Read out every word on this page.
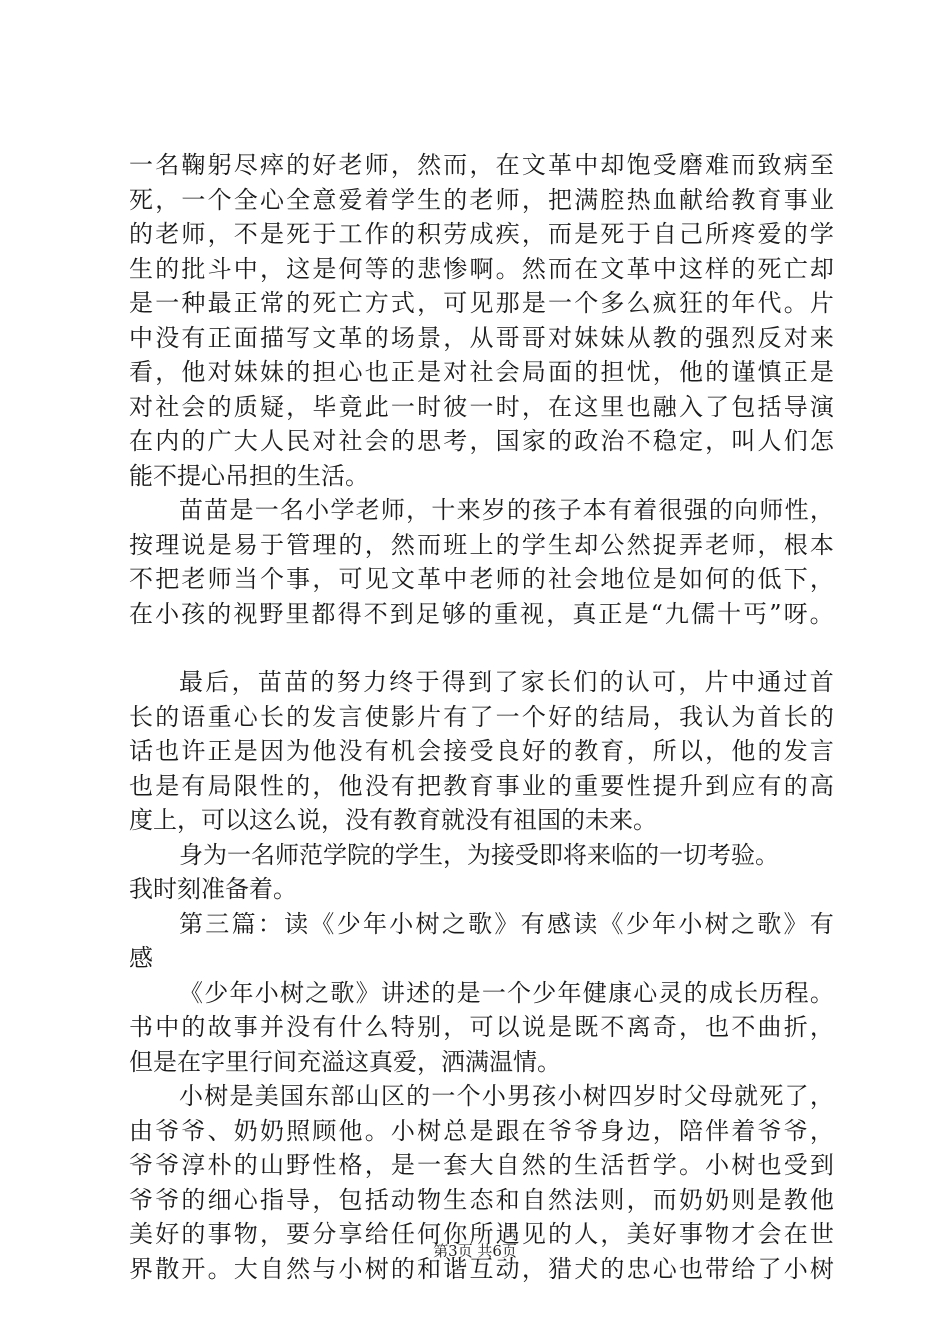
一 名 鞠 躬 尽 瘁 的 好 老 师 ， 然 而 ， 在 文 革 中 却 饱 受 磨 难 而 致 病 至
死 ， 一 个 全 心 全 意 爱 着 学 生 的 老 师 ， 把 满 腔 热 血 献 给 教 育 事 业
的 老 师 ， 不 是 死 于 工 作 的 积 劳 成 疾 ， 而 是 死 于 自 己 所 疼 爱 的 学
生 的 批 斗 中 ， 这 是 何 等 的 悲 惨 啊 。 然 而 在 文 革 中 这 样 的 死 亡 却
是 一 种 最 正 常 的 死 亡 方 式 ， 可 见 那 是 一 个 多 么 疯 狂 的 年 代 。 片
中 没 有 正 面 描 写 文 革 的 场 景 ， 从 哥 哥 对 妹 妹 从 教 的 强 烈 反 对 来
看 ， 他 对 妹 妹 的 担 心 也 正 是 对 社 会 局 面 的 担 忧 ， 他 的 谨 慎 正 是
对 社 会 的 质 疑 ， 毕 竟 此 一 时 彼 一 时 ， 在 这 里 也 融 入 了 包 括 导 演
在 内 的 广 大 人 民 对 社 会 的 思 考 ， 国 家 的 政 治 不 稳 定 ， 叫 人 们 怎
能不提心吊担的生活。
苗 苗 是 一 名 小 学 老 师 ， 十 来 岁 的 孩 子 本 有 着 很 强 的 向 师 性 ，
按 理 说 是 易 于 管 理 的 ， 然 而 班 上 的 学 生 却 公 然 捉 弄 老 师 ， 根 本
不 把 老 师 当 个 事 ， 可 见 文 革 中 老 师 的 社 会 地 位 是 如 何 的 低 下 ，
在 小 孩 的 视 野 里 都 得 不 到 足 够 的 重 视 ， 真 正 是 “ 九 儒 十 丐 ” 呀 。
最 后 ， 苗 苗 的 努 力 终 于 得 到 了 家 长 们 的 认 可 ， 片 中 通 过 首
长 的 语 重 心 长 的 发 言 使 影 片 有 了 一 个 好 的 结 局 ， 我 认 为 首 长 的
话 也 许 正 是 因 为 他 没 有 机 会 接 受 良 好 的 教 育 ， 所 以 ， 他 的 发 言
也 是 有 局 限 性 的 ， 他 没 有 把 教 育 事 业 的 重 要 性 提 升 到 应 有 的 高
度上，可以这么说，没有教育就没有祖国的未来。
身为一名师范学院的学生，为接受即将来临的一切考验。
我时刻准备着。
第 三 篇 ： 读 《 少 年 小 树 之 歌 》 有 感 读 《 少 年 小 树 之 歌 》 有
感
《 少 年 小 树 之 歌 》 讲 述 的 是 一 个 少 年 健 康 心 灵 的 成 长 历 程 。
书 中 的 故 事 并 没 有 什 么 特 别 ， 可 以 说 是 既 不 离 奇 ， 也 不 曲 折 ，
但是在字里行间充溢这真爱，洒满温情。
小 树 是 美 国 东 部 山 区 的 一 个 小 男 孩 小 树 四 岁 时 父 母 就 死 了 ，
由 爷 爷 、 奶 奶 照 顾 他 。 小 树 总 是 跟 在 爷 爷 身 边 ， 陪 伴 着 爷 爷 ，
爷 爷 淳 朴 的 山 野 性 格 ， 是 一 套 大 自 然 的 生 活 哲 学 。 小 树 也 受 到
爷 爷 的 细 心 指 导 ， 包 括 动 物 生 态 和 自 然 法 则 ， 而 奶 奶 则 是 教 他
美 好 的 事 物 ， 要 分 享 给 任 何 你 所 遇 见 的 人 ， 美 好 事 物 才 会 在 世
界 散 开 。 大 自 然 与 小 树 的 和 谐 互 动 ， 猎 犬 的 忠 心 也 带 给 了 小 树
第3页 共6页
